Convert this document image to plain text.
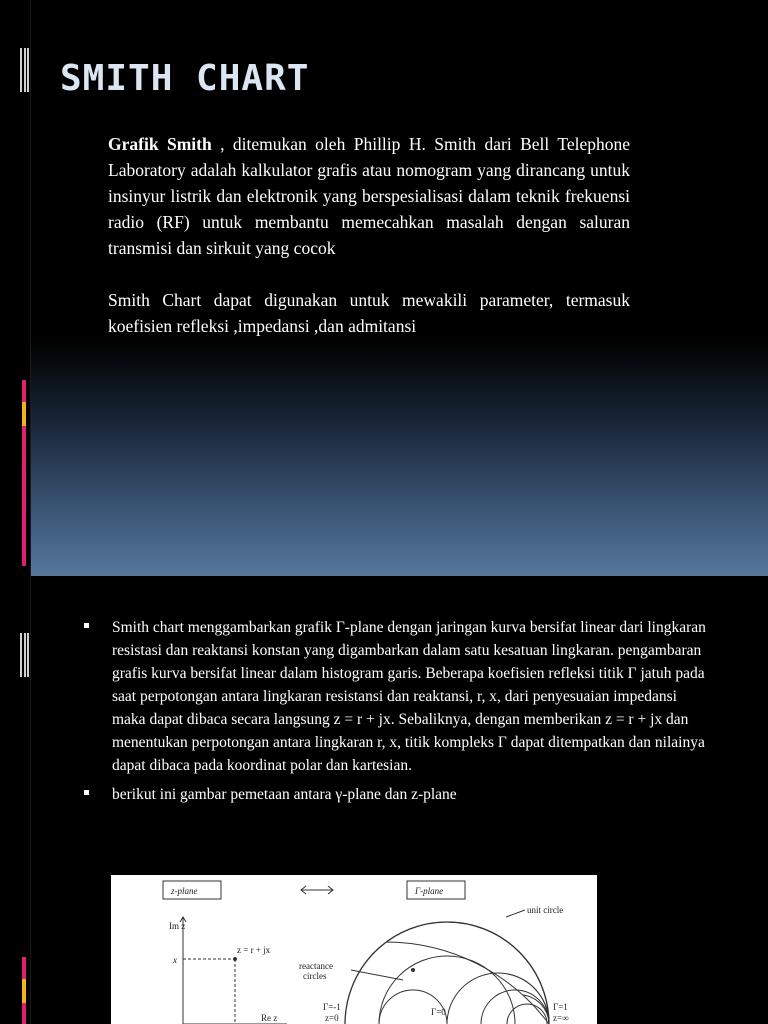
SMITH CHART

Grafik Smith , ditemukan oleh Phillip H. Smith dari Bell Telephone Laboratory adalah kalkulator grafis atau nomogram yang dirancang untuk insinyur listrik dan elektronik yang berspesialisasi dalam teknik frekuensi radio (RF) untuk membantu memecahkan masalah dengan saluran transmisi dan sirkuit yang cocok

Smith Chart dapat digunakan untuk mewakili parameter, termasuk koefisien refleksi ,impedansi ,dan admitansi

Smith chart menggambarkan grafik Γ-plane dengan jaringan kurva bersifat linear dari lingkaran resistasi dan reaktansi konstan yang digambarkan dalam satu kesatuan lingkaran. pengambaran grafis kurva bersifat linear dalam histogram garis. Beberapa koefisien refleksi titik Γ jatuh pada saat perpotongan antara lingkaran resistansi dan reaktansi, r, x, dari penyesuaian impedansi maka dapat dibaca secara langsung z = r + jx. Sebaliknya, dengan memberikan z = r + jx dan menentukan perpotongan antara lingkaran r, x, titik kompleks Γ dapat ditempatkan dan nilainya dapat dibaca pada koordinat polar dan kartesian.
berikut ini gambar pemetaan antara γ-plane dan z-plane
z-plane	Γ-plane
Im z
z = r + jx
x
Re z
unit circle
reactance
circles
Γ=-1
z=0
Γ=1
z=∞
Γ=0
